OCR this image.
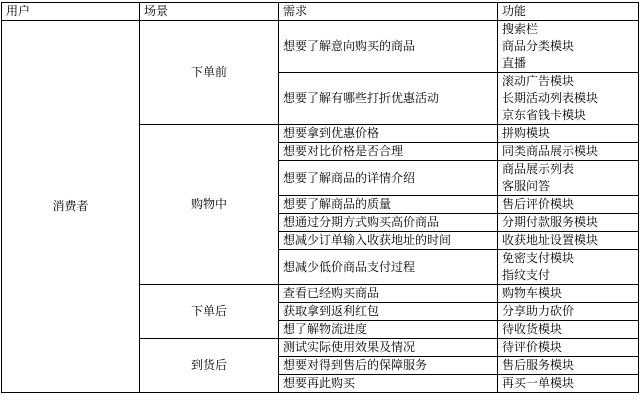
用户	场景	需求	功能
消费者	下单前	想要了解意向购买的商品	搜索栏
商品分类模块
直播

		想要了解有哪些打折优惠活动	滚动广告模块
长期活动列表模块
京东省钱卡模块

	购物中	想要拿到优惠价格	拼购模块

		想要对比价格是否合理	同类商品展示模块

		想要了解商品的详情介绍	商品展示列表
客服问答

		想要了解商品的质量	售后评价模块

		想通过分期方式购买高价商品	分期付款服务模块

		想减少订单输入收获地址的时间	收获地址设置模块

		想减少低价商品支付过程	免密支付模块
指纹支付

	下单后	查看已经购买商品	购物车模块

		获取拿到返利红包	分享助力砍价

		想了解物流进度	待收货模块

	到货后	测试实际使用效果及情况	待评价模块

		想要对得到售后的保障服务	售后服务模块

		想要再此购买	再买一单模块
